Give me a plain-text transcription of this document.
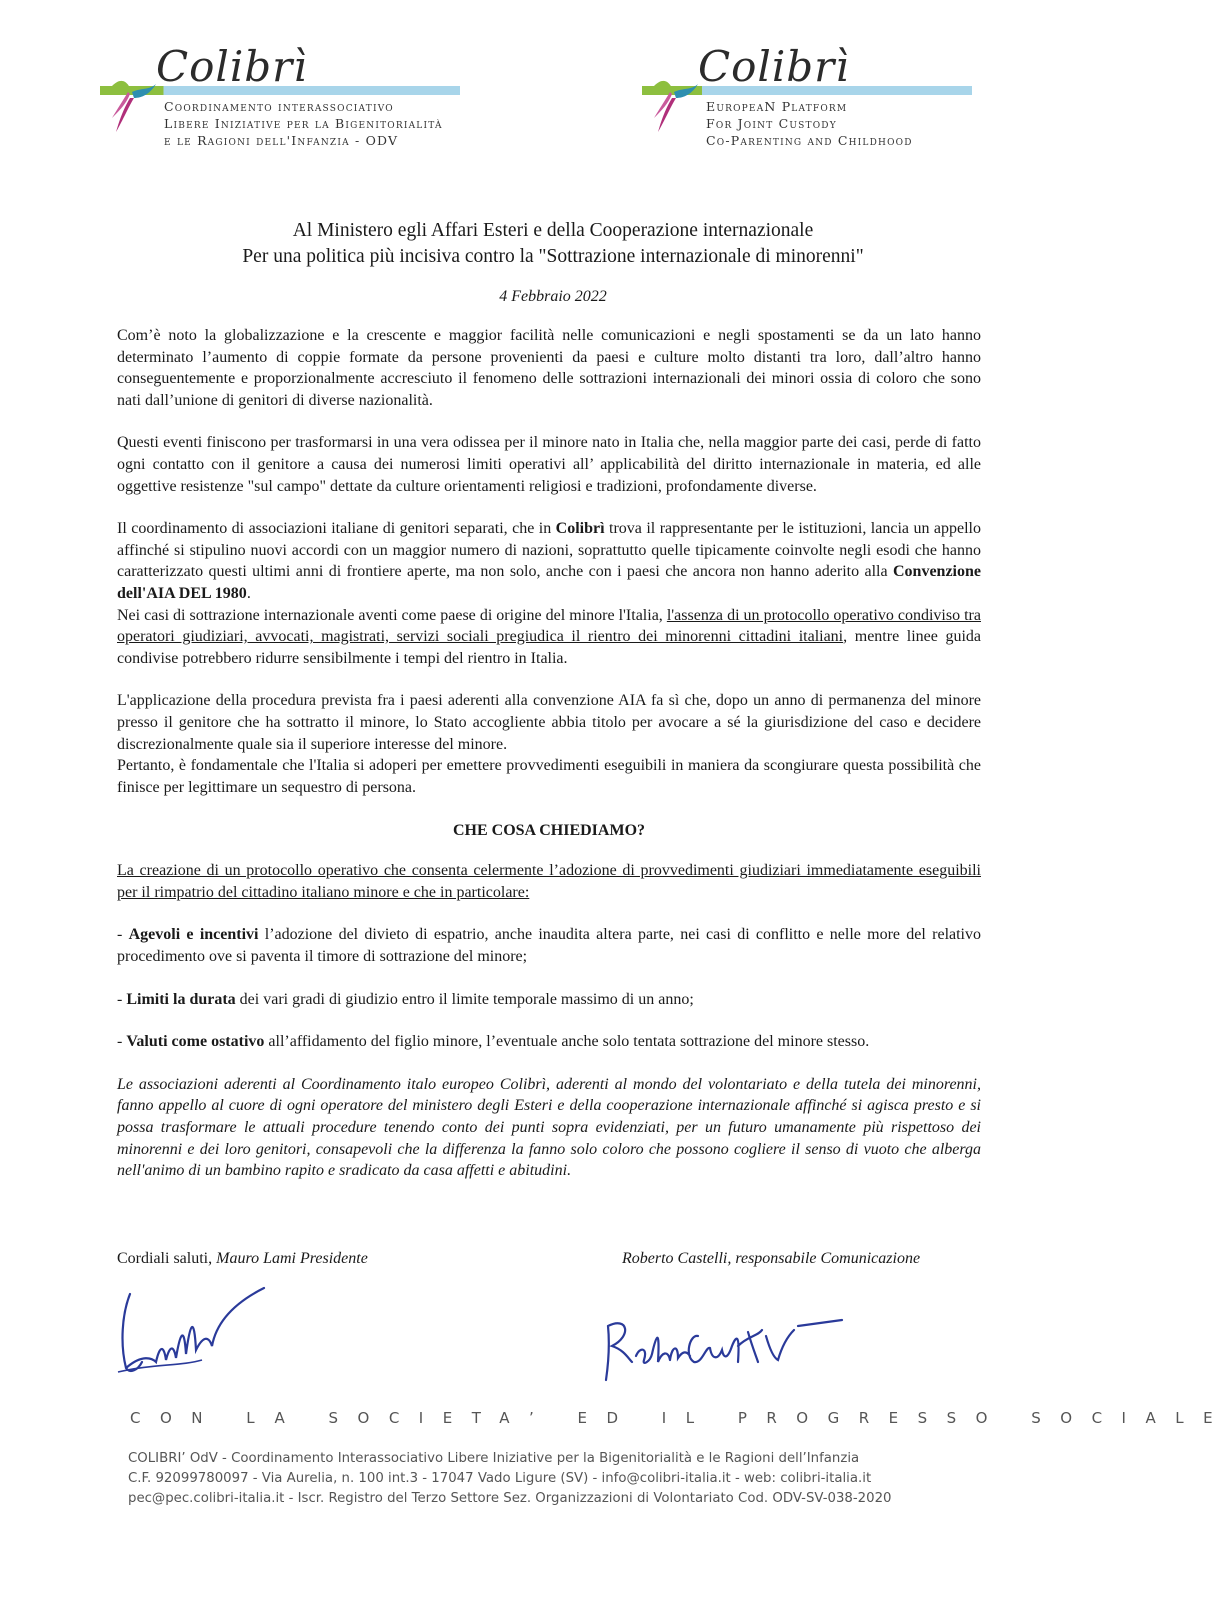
Colibrì
Coordinamento interassociativo
Libere Iniziative per la Bigenitorialità
e le Ragioni dell'Infanzia - ODV
Colibrì
EuropeaN Platform
For Joint Custody
Co-Parenting and Childhood
Al Ministero egli Affari Esteri e della Cooperazione internazionale
Per una politica più incisiva contro la "Sottrazione internazionale di minorenni"
4 Febbraio 2022

Com’è noto la globalizzazione e la crescente e maggior facilità nelle comunicazioni e negli spostamenti se da un lato hanno determinato l’aumento di coppie formate da persone provenienti da paesi e culture molto distanti tra loro, dall’altro hanno conseguentemente e proporzionalmente accresciuto il fenomeno delle sottrazioni internazionali dei minori ossia di coloro che sono nati dall’unione di genitori di diverse nazionalità.

Questi eventi finiscono per trasformarsi in una vera odissea per il minore nato in Italia che, nella maggior parte dei casi, perde di fatto ogni contatto con il genitore a causa dei numerosi limiti operativi all’ applicabilità del diritto internazionale in materia, ed alle oggettive resistenze "sul campo" dettate da culture orientamenti religiosi e tradizioni, profondamente diverse.

Il coordinamento di associazioni italiane di genitori separati, che in Colibrì trova il rappresentante per le istituzioni, lancia un appello affinché si stipulino nuovi accordi con un maggior numero di nazioni, soprattutto quelle tipicamente coinvolte negli esodi che hanno caratterizzato questi ultimi anni di frontiere aperte, ma non solo, anche con i paesi che ancora non hanno aderito alla Convenzione dell'AIA DEL 1980.

Nei casi di sottrazione internazionale aventi come paese di origine del minore l'Italia, l'assenza di un protocollo operativo condiviso tra operatori giudiziari, avvocati, magistrati, servizi sociali pregiudica il rientro dei minorenni cittadini italiani, mentre linee guida condivise potrebbero ridurre sensibilmente i tempi del rientro in Italia.

L'applicazione della procedura prevista fra i paesi aderenti alla convenzione AIA fa sì che, dopo un anno di permanenza del minore presso il genitore che ha sottratto il minore, lo Stato accogliente abbia titolo per avocare a sé la giurisdizione del caso e decidere discrezionalmente quale sia il superiore interesse del minore.

Pertanto, è fondamentale che l'Italia si adoperi per emettere provvedimenti eseguibili in maniera da scongiurare questa possibilità che finisce per legittimare un sequestro di persona.

CHE COSA CHIEDIAMO?

La creazione di un protocollo operativo che consenta celermente l’adozione di provvedimenti giudiziari immediatamente eseguibili per il rimpatrio del cittadino italiano minore e che in particolare:

- Agevoli e incentivi l’adozione del divieto di espatrio, anche inaudita altera parte, nei casi di conflitto e nelle more del relativo procedimento ove si paventa il timore di sottrazione del minore;

- Limiti la durata dei vari gradi di giudizio entro il limite temporale massimo di un anno;

- Valuti come ostativo all’affidamento del figlio minore, l’eventuale anche solo tentata sottrazione del minore stesso.

Le associazioni aderenti al Coordinamento italo europeo Colibrì, aderenti al mondo del volontariato e della tutela dei minorenni, fanno appello al cuore di ogni operatore del ministero degli Esteri e della cooperazione internazionale affinché si agisca presto e si possa trasformare le attuali procedure tenendo conto dei punti sopra evidenziati, per un futuro umanamente più rispettoso dei minorenni e dei loro genitori, consapevoli che la differenza la fanno solo coloro che possono cogliere il senso di vuoto che alberga nell'animo di un bambino rapito e sradicato da casa affetti e abitudini.

Cordiali saluti, Mauro Lami Presidente	Roberto Castelli, responsabile Comunicazione
CON LA SOCIETA’ ED IL PROGRESSO SOCIALE
COLIBRI’ OdV - Coordinamento Interassociativo Libere Iniziative per la Bigenitorialità e le Ragioni dell’Infanzia
C.F. 92099780097 - Via Aurelia, n. 100 int.3 - 17047 Vado Ligure (SV) - info@colibri-italia.it - web: colibri-italia.it
pec@pec.colibri-italia.it - Iscr. Registro del Terzo Settore Sez. Organizzazioni di Volontariato Cod. ODV-SV-038-2020
